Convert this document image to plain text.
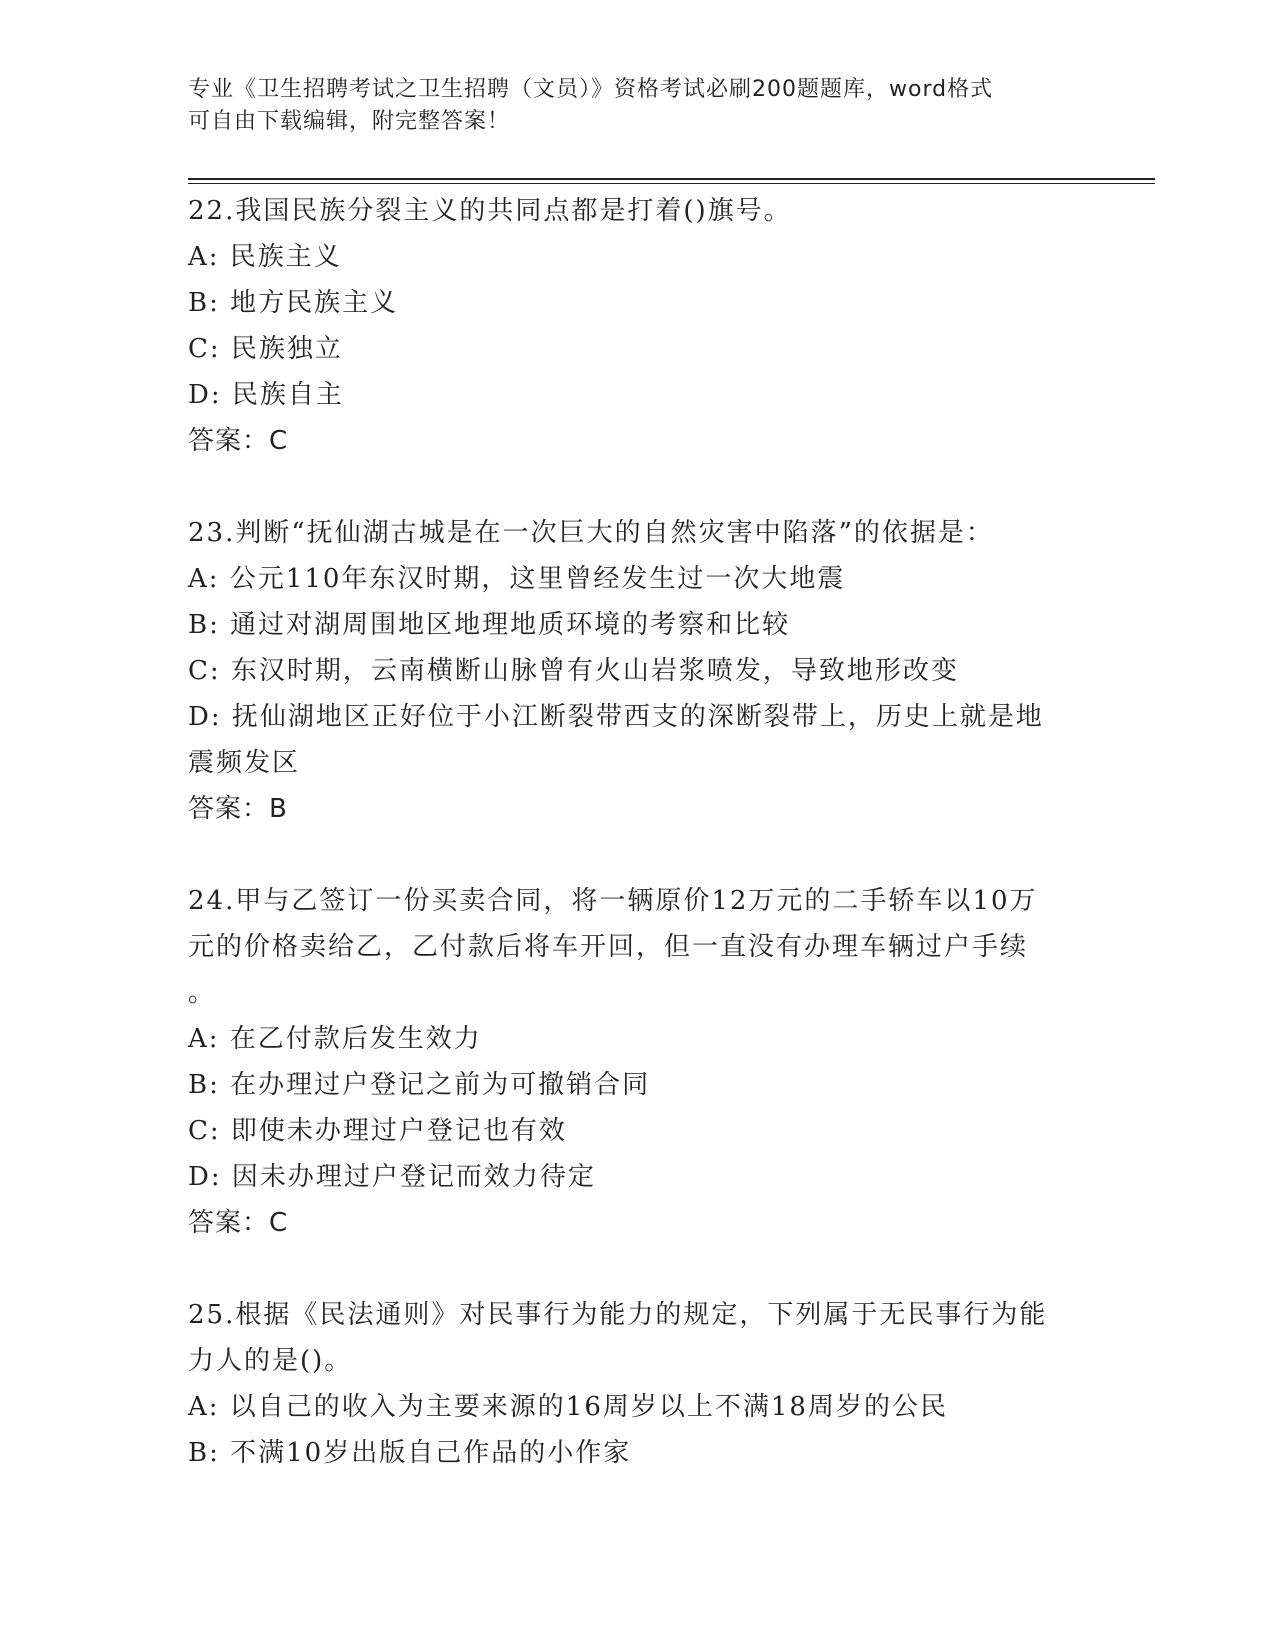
专业《卫生招聘考试之卫生招聘（文员）》资格考试必刷200题题库，word格式
可自由下载编辑，附完整答案！
22.我国民族分裂主义的共同点都是打着()旗号。
A: 民族主义
B: 地方民族主义
C: 民族独立
D: 民族自主
答案：C
23.判断“抚仙湖古城是在一次巨大的自然灾害中陷落”的依据是：
A: 公元110年东汉时期，这里曾经发生过一次大地震
B: 通过对湖周围地区地理地质环境的考察和比较
C: 东汉时期，云南横断山脉曾有火山岩浆喷发，导致地形改变
D: 抚仙湖地区正好位于小江断裂带西支的深断裂带上，历史上就是地
震频发区
答案：B
24.甲与乙签订一份买卖合同，将一辆原价12万元的二手轿车以10万
元的价格卖给乙，乙付款后将车开回，但一直没有办理车辆过户手续
。
A: 在乙付款后发生效力
B: 在办理过户登记之前为可撤销合同
C: 即使未办理过户登记也有效
D: 因未办理过户登记而效力待定
答案：C
25.根据《民法通则》对民事行为能力的规定，下列属于无民事行为能
力人的是()。
A: 以自己的收入为主要来源的16周岁以上不满18周岁的公民
B: 不满10岁出版自己作品的小作家
